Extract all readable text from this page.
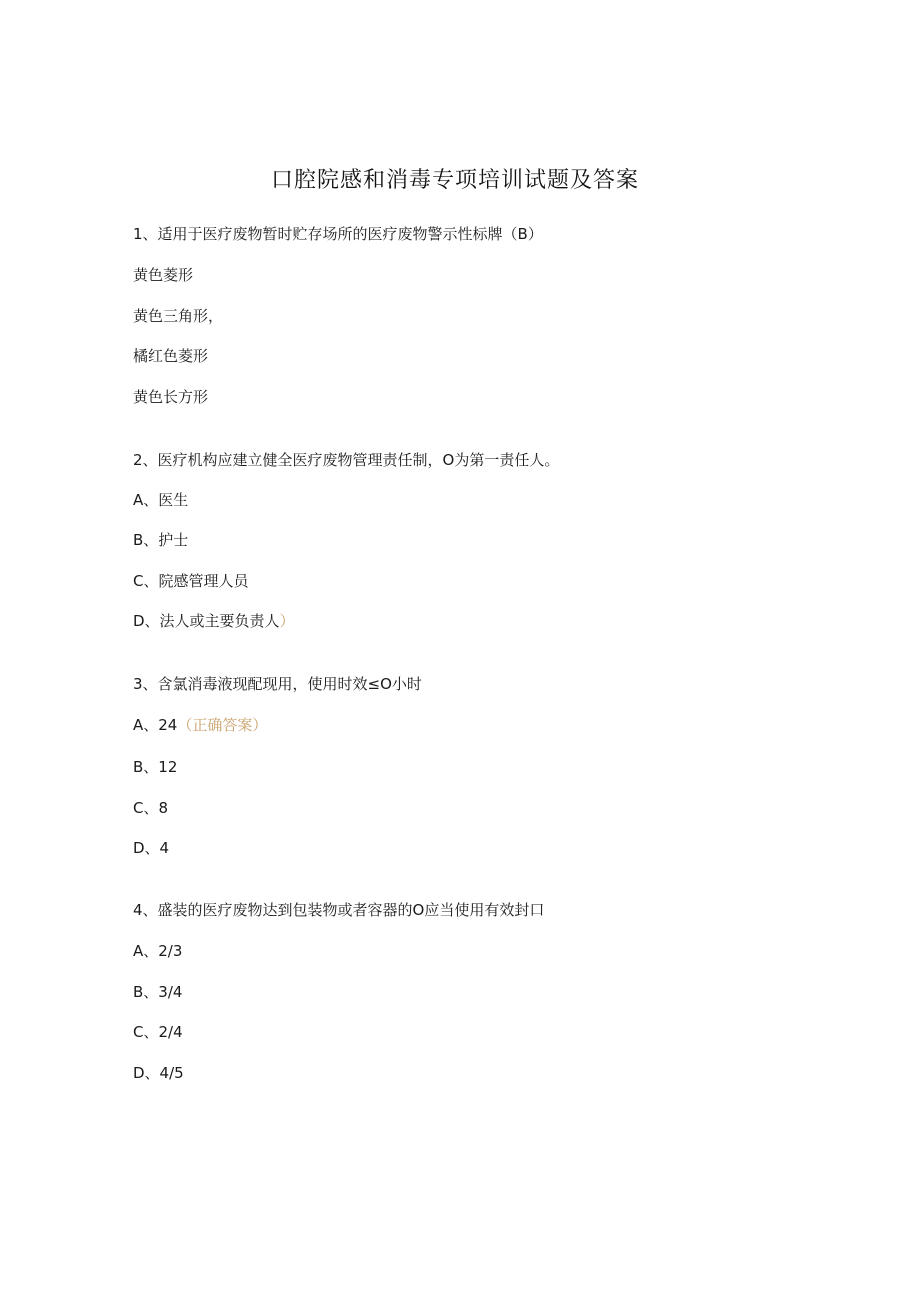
口腔院感和消毒专项培训试题及答案
1、适用于医疗废物暂时贮存场所的医疗废物警示性标牌（B）
黄色菱形
黄色三角形，
橘红色菱形
黄色长方形
2、医疗机构应建立健全医疗废物管理责任制，O为第一责任人。
A、医生
B、护士
C、院感管理人员
D、法人或主要负责人）
3、含氯消毒液现配现用，使用时效≤O小时
A、24（正确答案）
B、12
C、8
D、4
4、盛装的医疗废物达到包装物或者容器的O应当使用有效封口
A、2/3
B、3/4
C、2/4
D、4/5
